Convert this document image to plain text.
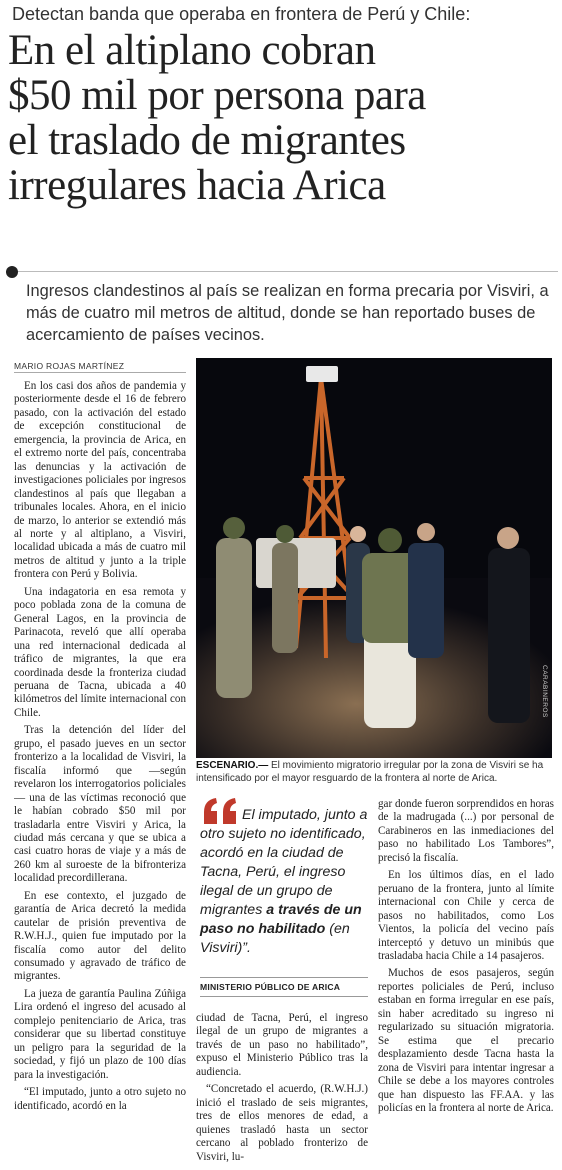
Detectan banda que operaba en frontera de Perú y Chile:
En el altiplano cobran
$50 mil por persona para
el traslado de migrantes
irregulares hacia Arica
Ingresos clandestinos al país se realizan en forma precaria por Visviri, a más de cuatro mil metros de altitud, donde se han reportado buses de acercamiento de países vecinos.
MARIO ROJAS MARTÍNEZ

En los casi dos años de pandemia y posteriormente desde el 16 de febrero pasado, con la activación del estado de excepción constitucional de emergencia, la provincia de Arica, en el extremo norte del país, concentraba las denuncias y la activación de investigaciones policiales por ingresos clandestinos al país que llegaban a tribunales locales. Ahora, en el inicio de marzo, lo anterior se extendió más al norte y al altiplano, a Visviri, localidad ubicada a más de cuatro mil metros de altitud y junto a la triple frontera con Perú y Bolivia.

Una indagatoria en esa remota y poco poblada zona de la comuna de General Lagos, en la provincia de Parinacota, reveló que allí operaba una red internacional dedicada al tráfico de migrantes, la que era coordinada desde la fronteriza ciudad peruana de Tacna, ubicada a 40 kilómetros del límite internacional con Chile.

Tras la detención del líder del grupo, el pasado jueves en un sector fronterizo a la localidad de Visviri, la fiscalía informó que —según revelaron los interrogatorios policiales— una de las víctimas reconoció que le habían cobrado $50 mil por trasladarla entre Visviri y Arica, la ciudad más cercana y que se ubica a casi cuatro horas de viaje y a más de 260 km al suroeste de la bifronteriza localidad precordillerana.

En ese contexto, el juzgado de garantía de Arica decretó la medida cautelar de prisión preventiva de R.W.H.J., quien fue imputado por la fiscalía como autor del delito consumado y agravado de tráfico de migrantes.

La jueza de garantía Paulina Zúñiga Lira ordenó el ingreso del acusado al complejo penitenciario de Arica, tras considerar que su libertad constituye un peligro para la seguridad de la sociedad, y fijó un plazo de 100 días para la investigación.

“El imputado, junto a otro sujeto no identificado, acordó en la

CARABINEROS
ESCENARIO.— El movimiento migratorio irregular por la zona de Visviri se ha intensificado por el mayor resguardo de la frontera al norte de Arica.
El imputado, junto a otro sujeto no identificado, acordó en la ciudad de Tacna, Perú, el ingreso ilegal de un grupo de migrantes a través de un paso no habilitado (en Visviri)”.
MINISTERIO PÚBLICO DE ARICA

ciudad de Tacna, Perú, el ingreso ilegal de un grupo de migrantes a través de un paso no habilitado”, expuso el Ministerio Público tras la audiencia.

“Concretado el acuerdo, (R.W.H.J.) inició el traslado de seis migrantes, tres de ellos menores de edad, a quienes trasladó hasta un sector cercano al poblado fronterizo de Visviri, lu-

gar donde fueron sorprendidos en horas de la madrugada (...) por personal de Carabineros en las inmediaciones del paso no habilitado Los Tambores”, precisó la fiscalía.

En los últimos días, en el lado peruano de la frontera, junto al límite internacional con Chile y cerca de pasos no habilitados, como Los Vientos, la policía del vecino país interceptó y detuvo un minibús que trasladaba hacia Chile a 14 pasajeros.

Muchos de esos pasajeros, según reportes policiales de Perú, incluso estaban en forma irregular en ese país, sin haber acreditado su ingreso ni regularizado su situación migratoria. Se estima que el precario desplazamiento desde Tacna hasta la zona de Visviri para intentar ingresar a Chile se debe a los mayores controles que han dispuesto las FF.AA. y las policías en la frontera al norte de Arica.
